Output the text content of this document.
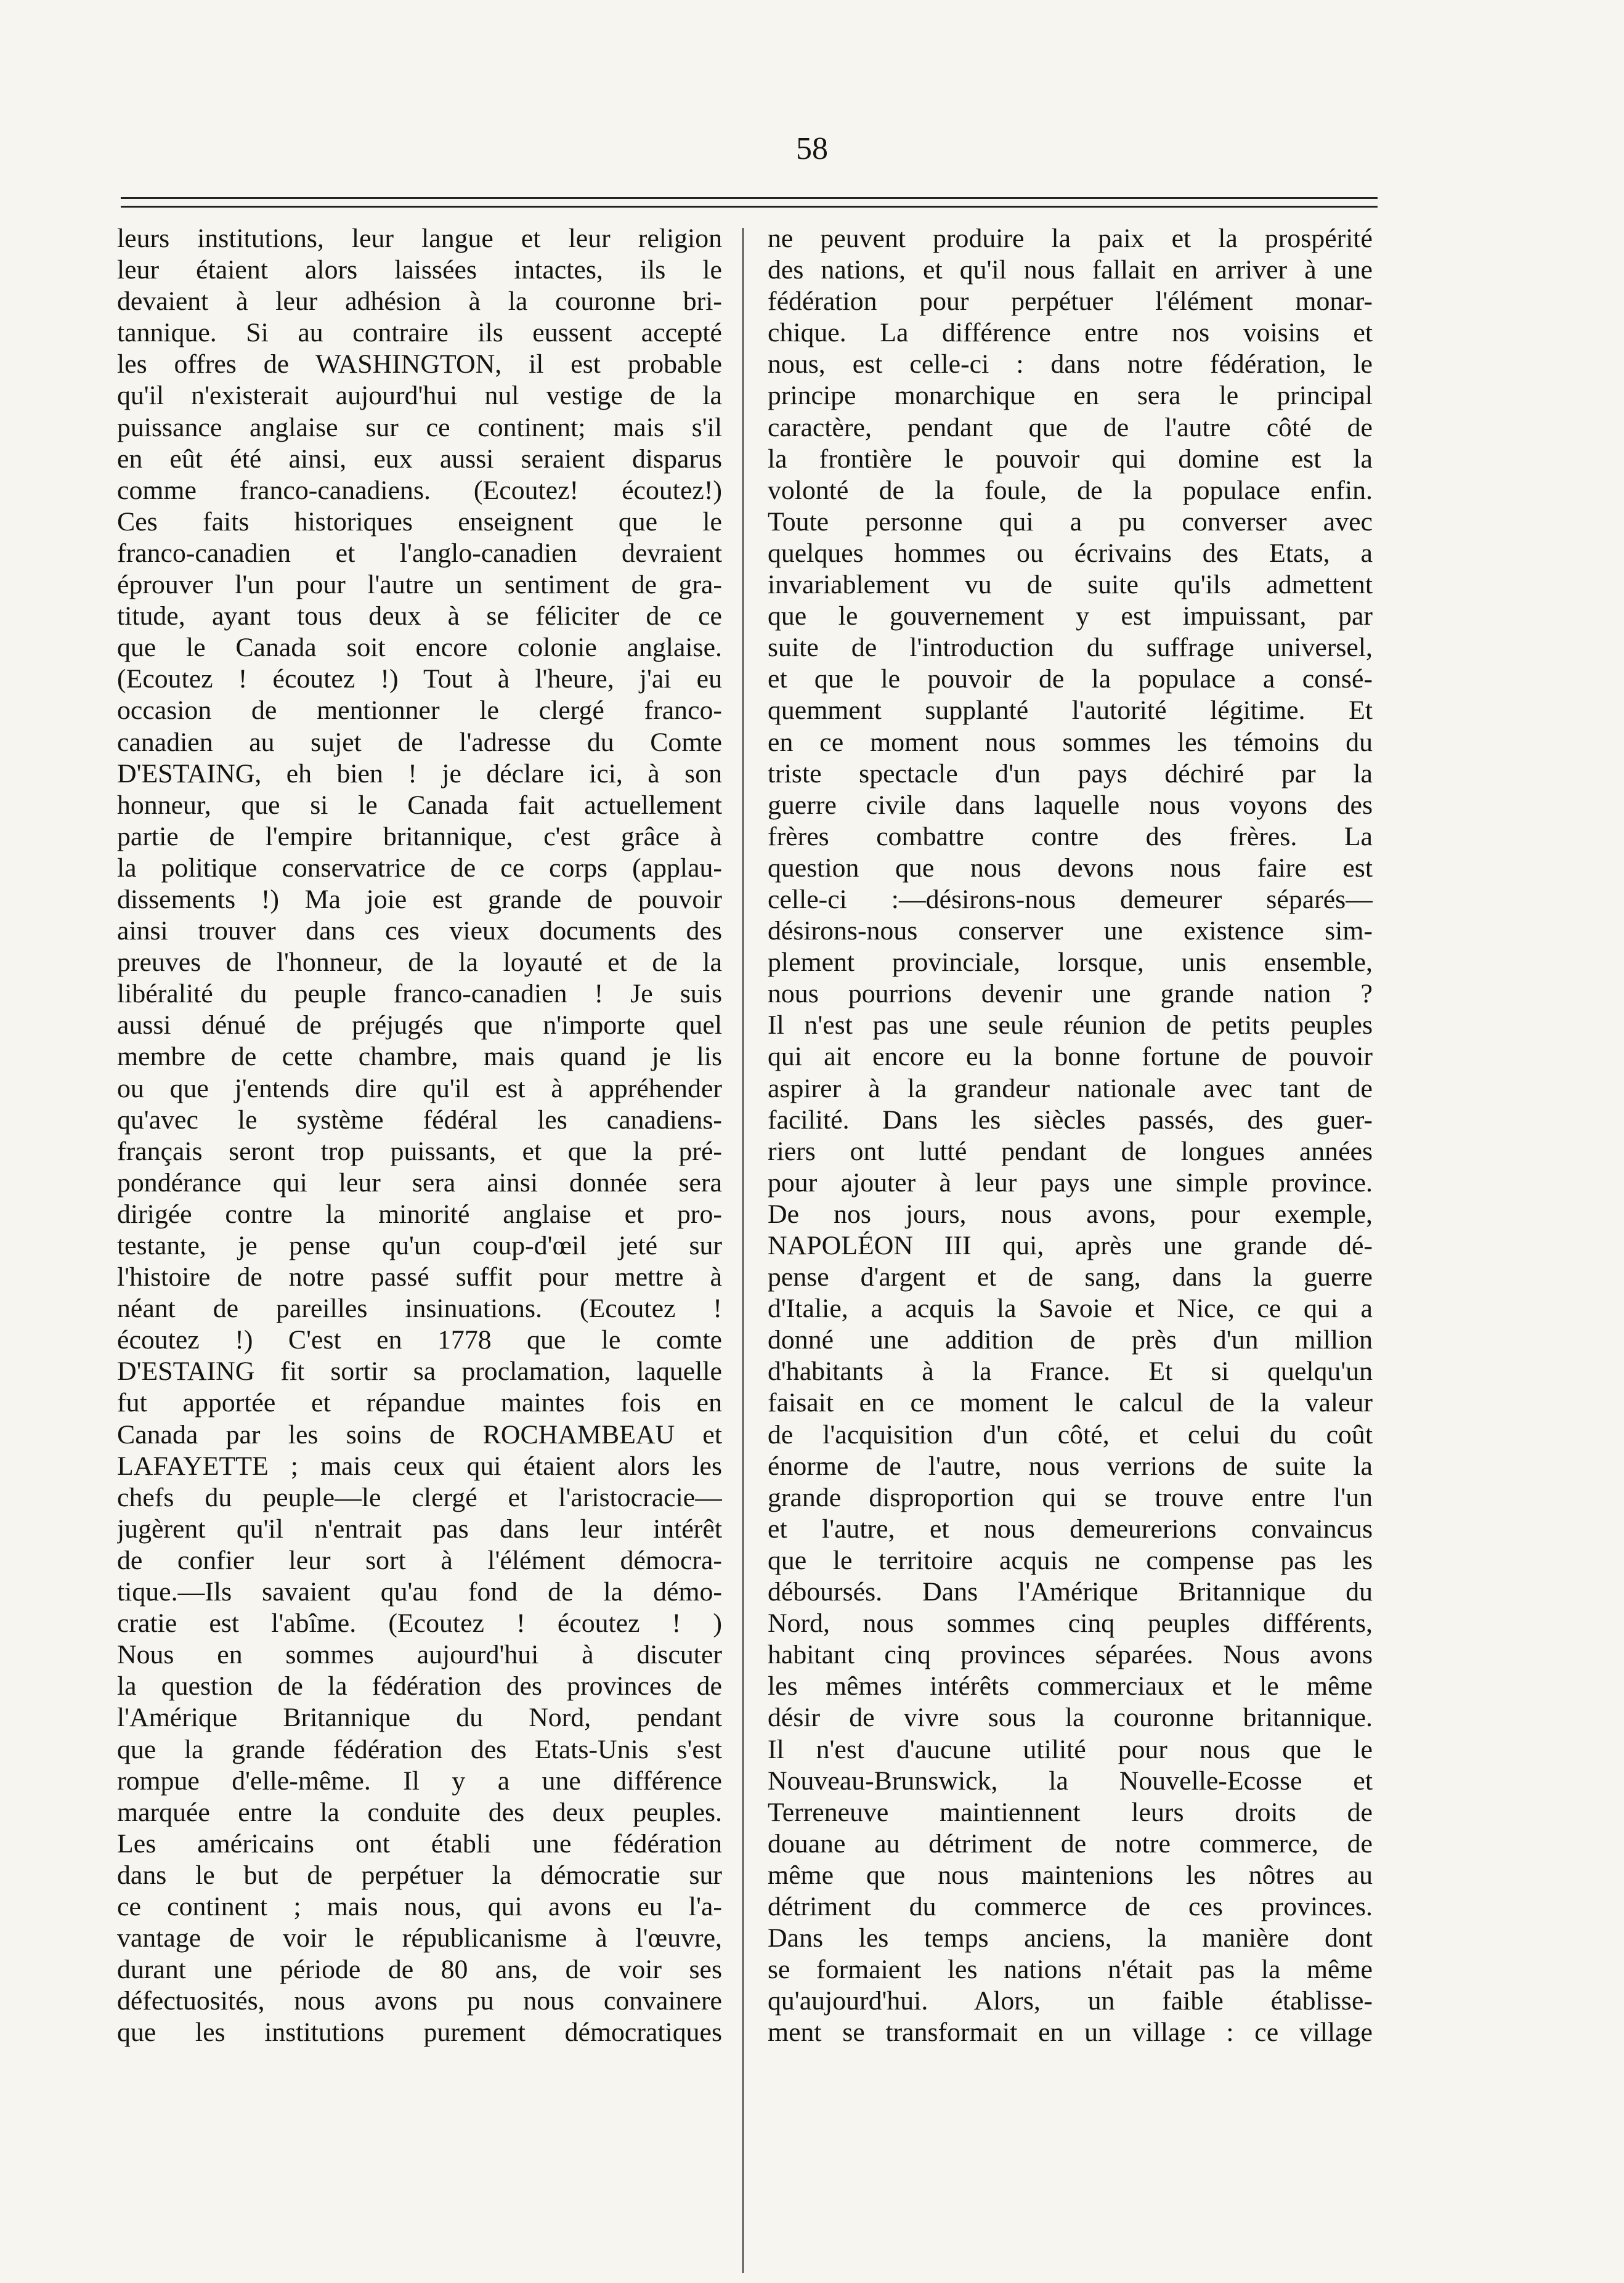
58
leurs institutions, leur langue et leur religion
leur étaient alors laissées intactes, ils le
devaient à leur adhésion à la couronne bri-
tannique. Si au contraire ils eussent accepté
les offres de WASHINGTON, il est probable
qu'il n'existerait aujourd'hui nul vestige de la
puissance anglaise sur ce continent; mais s'il
en eût été ainsi, eux aussi seraient disparus
comme franco-canadiens. (Ecoutez! écoutez!)
Ces faits historiques enseignent que le
franco-canadien et l'anglo-canadien devraient
éprouver l'un pour l'autre un sentiment de gra-
titude, ayant tous deux à se féliciter de ce
que le Canada soit encore colonie anglaise.
(Ecoutez ! écoutez !) Tout à l'heure, j'ai eu
occasion de mentionner le clergé franco-
canadien au sujet de l'adresse du Comte
D'ESTAING, eh bien ! je déclare ici, à son
honneur, que si le Canada fait actuellement
partie de l'empire britannique, c'est grâce à
la politique conservatrice de ce corps (applau-
dissements !) Ma joie est grande de pouvoir
ainsi trouver dans ces vieux documents des
preuves de l'honneur, de la loyauté et de la
libéralité du peuple franco-canadien ! Je suis
aussi dénué de préjugés que n'importe quel
membre de cette chambre, mais quand je lis
ou que j'entends dire qu'il est à appréhender
qu'avec le système fédéral les canadiens-
français seront trop puissants, et que la pré-
pondérance qui leur sera ainsi donnée sera
dirigée contre la minorité anglaise et pro-
testante, je pense qu'un coup-d'œil jeté sur
l'histoire de notre passé suffit pour mettre à
néant de pareilles insinuations. (Ecoutez !
écoutez !) C'est en 1778 que le comte
D'ESTAING fit sortir sa proclamation, laquelle
fut apportée et répandue maintes fois en
Canada par les soins de ROCHAMBEAU et
LAFAYETTE ; mais ceux qui étaient alors les
chefs du peuple—le clergé et l'aristocracie—
jugèrent qu'il n'entrait pas dans leur intérêt
de confier leur sort à l'élément démocra-
tique.—Ils savaient qu'au fond de la démo-
cratie est l'abîme. (Ecoutez ! écoutez ! )
Nous en sommes aujourd'hui à discuter
la question de la fédération des provinces de
l'Amérique Britannique du Nord, pendant
que la grande fédération des Etats-Unis s'est
rompue d'elle-même. Il y a une différence
marquée entre la conduite des deux peuples.
Les américains ont établi une fédération
dans le but de perpétuer la démocratie sur
ce continent ; mais nous, qui avons eu l'a-
vantage de voir le républicanisme à l'œuvre,
durant une période de 80 ans, de voir ses
défectuosités, nous avons pu nous convainere
que les institutions purement démocratiques
ne peuvent produire la paix et la prospérité
des nations, et qu'il nous fallait en arriver à une
fédération pour perpétuer l'élément monar-
chique. La différence entre nos voisins et
nous, est celle-ci : dans notre fédération, le
principe monarchique en sera le principal
caractère, pendant que de l'autre côté de
la frontière le pouvoir qui domine est la
volonté de la foule, de la populace enfin.
Toute personne qui a pu converser avec
quelques hommes ou écrivains des Etats, a
invariablement vu de suite qu'ils admettent
que le gouvernement y est impuissant, par
suite de l'introduction du suffrage universel,
et que le pouvoir de la populace a consé-
quemment supplanté l'autorité légitime. Et
en ce moment nous sommes les témoins du
triste spectacle d'un pays déchiré par la
guerre civile dans laquelle nous voyons des
frères combattre contre des frères. La
question que nous devons nous faire est
celle-ci :—désirons-nous demeurer séparés—
désirons-nous conserver une existence sim-
plement provinciale, lorsque, unis ensemble,
nous pourrions devenir une grande nation ?
Il n'est pas une seule réunion de petits peuples
qui ait encore eu la bonne fortune de pouvoir
aspirer à la grandeur nationale avec tant de
facilité. Dans les siècles passés, des guer-
riers ont lutté pendant de longues années
pour ajouter à leur pays une simple province.
De nos jours, nous avons, pour exemple,
NAPOLÉON III qui, après une grande dé-
pense d'argent et de sang, dans la guerre
d'Italie, a acquis la Savoie et Nice, ce qui a
donné une addition de près d'un million
d'habitants à la France. Et si quelqu'un
faisait en ce moment le calcul de la valeur
de l'acquisition d'un côté, et celui du coût
énorme de l'autre, nous verrions de suite la
grande disproportion qui se trouve entre l'un
et l'autre, et nous demeurerions convaincus
que le territoire acquis ne compense pas les
déboursés. Dans l'Amérique Britannique du
Nord, nous sommes cinq peuples différents,
habitant cinq provinces séparées. Nous avons
les mêmes intérêts commerciaux et le même
désir de vivre sous la couronne britannique.
Il n'est d'aucune utilité pour nous que le
Nouveau-Brunswick, la Nouvelle-Ecosse et
Terreneuve maintiennent leurs droits de
douane au détriment de notre commerce, de
même que nous maintenions les nôtres au
détriment du commerce de ces provinces.
Dans les temps anciens, la manière dont
se formaient les nations n'était pas la même
qu'aujourd'hui. Alors, un faible établisse-
ment se transformait en un village : ce village
